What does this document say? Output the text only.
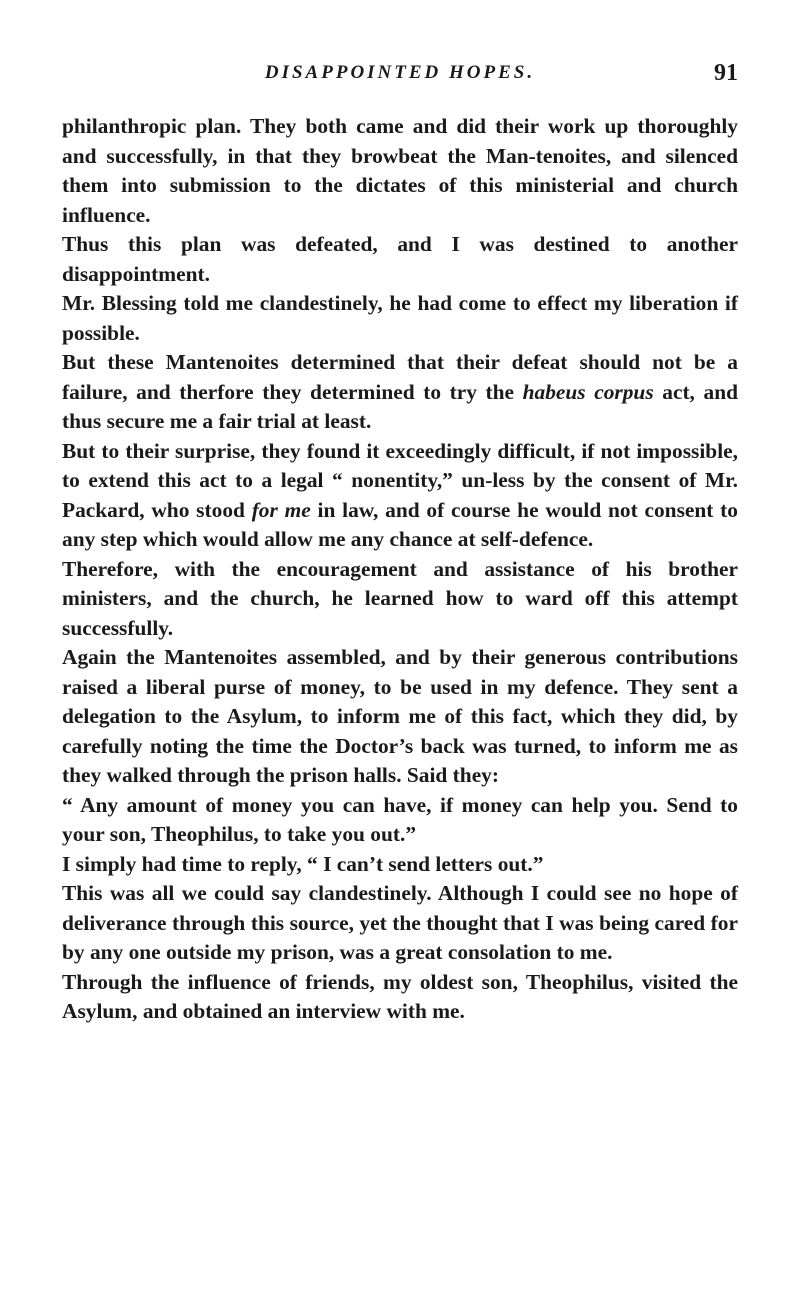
DISAPPOINTED HOPES.	91

philanthropic plan. They both came and did their work up thoroughly and successfully, in that they browbeat the Man-tenoites, and silenced them into submission to the dictates of this ministerial and church influence.

Thus this plan was defeated, and I was destined to another disappointment.

Mr. Blessing told me clandestinely, he had come to effect my liberation if possible.

But these Mantenoites determined that their defeat should not be a failure, and therfore they determined to try the habeus corpus act, and thus secure me a fair trial at least.

But to their surprise, they found it exceedingly difficult, if not impossible, to extend this act to a legal “ nonentity,” un-less by the consent of Mr. Packard, who stood for me in law, and of course he would not consent to any step which would allow me any chance at self-defence.

Therefore, with the encouragement and assistance of his brother ministers, and the church, he learned how to ward off this attempt successfully.

Again the Mantenoites assembled, and by their generous contributions raised a liberal purse of money, to be used in my defence. They sent a delegation to the Asylum, to inform me of this fact, which they did, by carefully noting the time the Doctor’s back was turned, to inform me as they walked through the prison halls. Said they:

“ Any amount of money you can have, if money can help you. Send to your son, Theophilus, to take you out.”

I simply had time to reply, “ I can’t send letters out.”

This was all we could say clandestinely. Although I could see no hope of deliverance through this source, yet the thought that I was being cared for by any one outside my prison, was a great consolation to me.

Through the influence of friends, my oldest son, Theophilus, visited the Asylum, and obtained an interview with me.
